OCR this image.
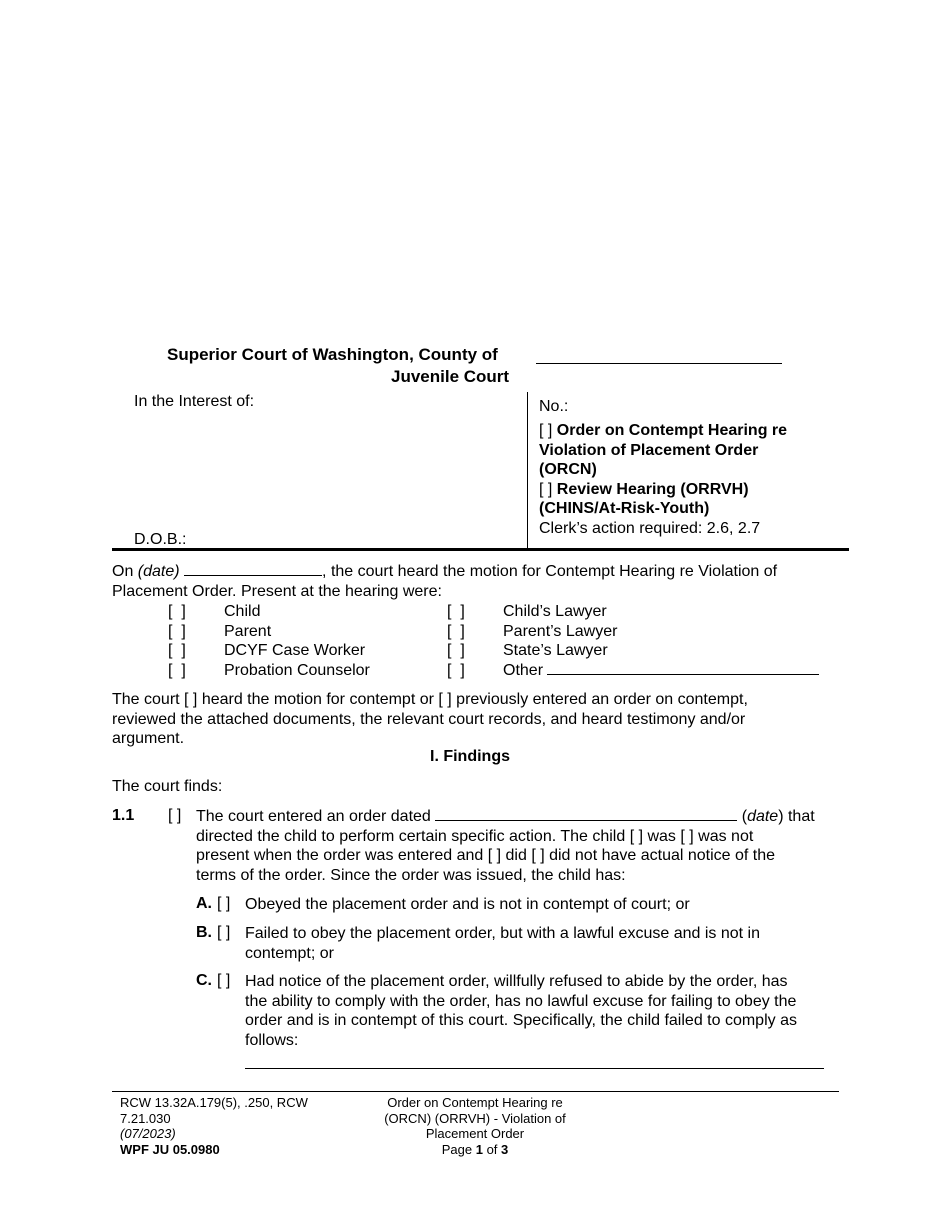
Superior Court of Washington, County of
Juvenile Court
In the Interest of:
D.O.B.:
No.:
[ ] Order on Contempt Hearing re
Violation of Placement Order
(ORCN)
[ ] Review Hearing (ORRVH)
(CHINS/At-Risk-Youth)
Clerk’s action required: 2.6, 2.7
On (date)	, the court heard the motion for Contempt Hearing re Violation of
Placement Order. Present at the hearing were:
[  ] Child
[  ] Parent
[  ] DCYF Case Worker
[  ] Probation Counselor
[  ] Child’s Lawyer
[  ] Parent’s Lawyer
[  ] State’s Lawyer
[  ] Other
The court [ ] heard the motion for contempt or [ ] previously entered an order on contempt,
reviewed the attached documents, the relevant court records, and heard testimony and/or
argument.
I. Findings
The court finds:
1.1 [ ] The court entered an order dated	(date) that
directed the child to perform certain specific action. The child [ ] was [ ] was not
present when the order was entered and [ ] did [ ] did not have actual notice of the
terms of the order. Since the order was issued, the child has:
A. [ ] Obeyed the placement order and is not in contempt of court; or
B. [ ] Failed to obey the placement order, but with a lawful excuse and is not in
contempt; or
C. [ ] Had notice of the placement order, willfully refused to abide by the order, has
the ability to comply with the order, has no lawful excuse for failing to obey the
order and is in contempt of this court. Specifically, the child failed to comply as
follows:
RCW 13.32A.179(5), .250, RCW
7.21.030
(07/2023)
WPF JU 05.0980
Order on Contempt Hearing re
(ORCN) (ORRVH) - Violation of
Placement Order
Page 1 of 3
